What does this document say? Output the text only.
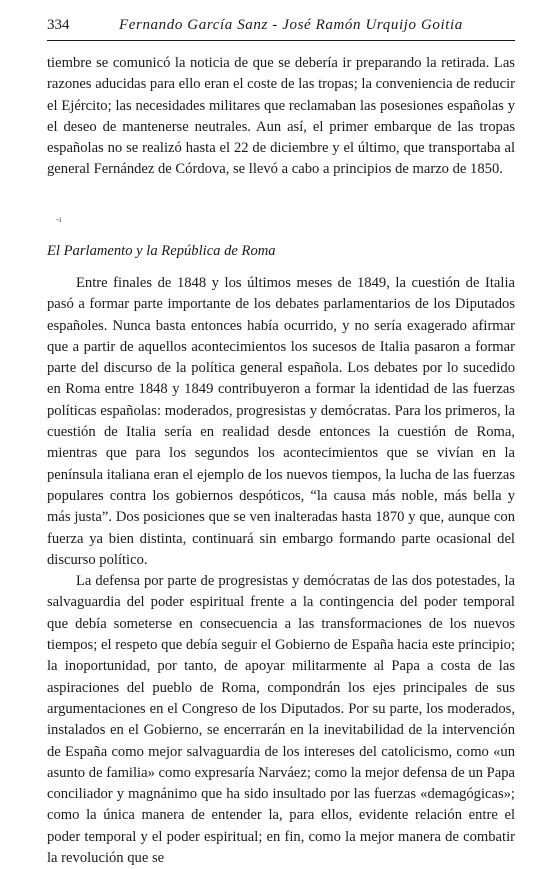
334	Fernando García Sanz - José Ramón Urquijo Goitia

tiembre se comunicó la noticia de que se debería ir preparando la retirada. Las razones aducidas para ello eran el coste de las tropas; la conveniencia de reducir el Ejército; las necesidades militares que reclamaban las posesiones españolas y el deseo de mantenerse neutrales. Aun así, el primer embarque de las tropas españolas no se realizó hasta el 22 de diciembre y el último, que transportaba al general Fernández de Córdova, se llevó a cabo a principios de marzo de 1850.

-ı
El Parlamento y la República de Roma

Entre finales de 1848 y los últimos meses de 1849, la cuestión de Italia pasó a formar parte importante de los debates parlamentarios de los Diputados españoles. Nunca basta entonces había ocurrido, y no sería exagerado afirmar que a partir de aquellos acontecimientos los sucesos de Italia pasaron a formar parte del discurso de la política general española. Los debates por lo sucedido en Roma entre 1848 y 1849 contribuyeron a formar la identidad de las fuerzas políticas españolas: moderados, progresistas y demócratas. Para los primeros, la cuestión de Italia sería en realidad desde entonces la cuestión de Roma, mientras que para los segundos los acontecimientos que se vivían en la península italiana eran el ejemplo de los nuevos tiempos, la lucha de las fuerzas populares contra los gobiernos despóticos, “la causa más noble, más bella y más justa”. Dos posiciones que se ven inalteradas hasta 1870 y que, aunque con fuerza ya bien distinta, continuará sin embargo formando parte ocasional del discurso político.

La defensa por parte de progresistas y demócratas de las dos potestades, la salvaguardia del poder espiritual frente a la contingencia del poder temporal que debía someterse en consecuencia a las transformaciones de los nuevos tiempos; el respeto que debía seguir el Gobierno de España hacia este principio; la inoportunidad, por tanto, de apoyar militarmente al Papa a costa de las aspiraciones del pueblo de Roma, compondrán los ejes principales de sus argumentaciones en el Congreso de los Diputados. Por su parte, los moderados, instalados en el Gobierno, se encerrarán en la inevitabilidad de la intervención de España como mejor salvaguardia de los intereses del catolicismo, como «un asunto de familia» como expresaría Narváez; como la mejor defensa de un Papa conciliador y magnánimo que ha sido insultado por las fuerzas «demagógicas»; como la única manera de entender la, para ellos, evidente relación entre el poder temporal y el poder espiritual; en fin, como la mejor manera de combatir la revolución que se
